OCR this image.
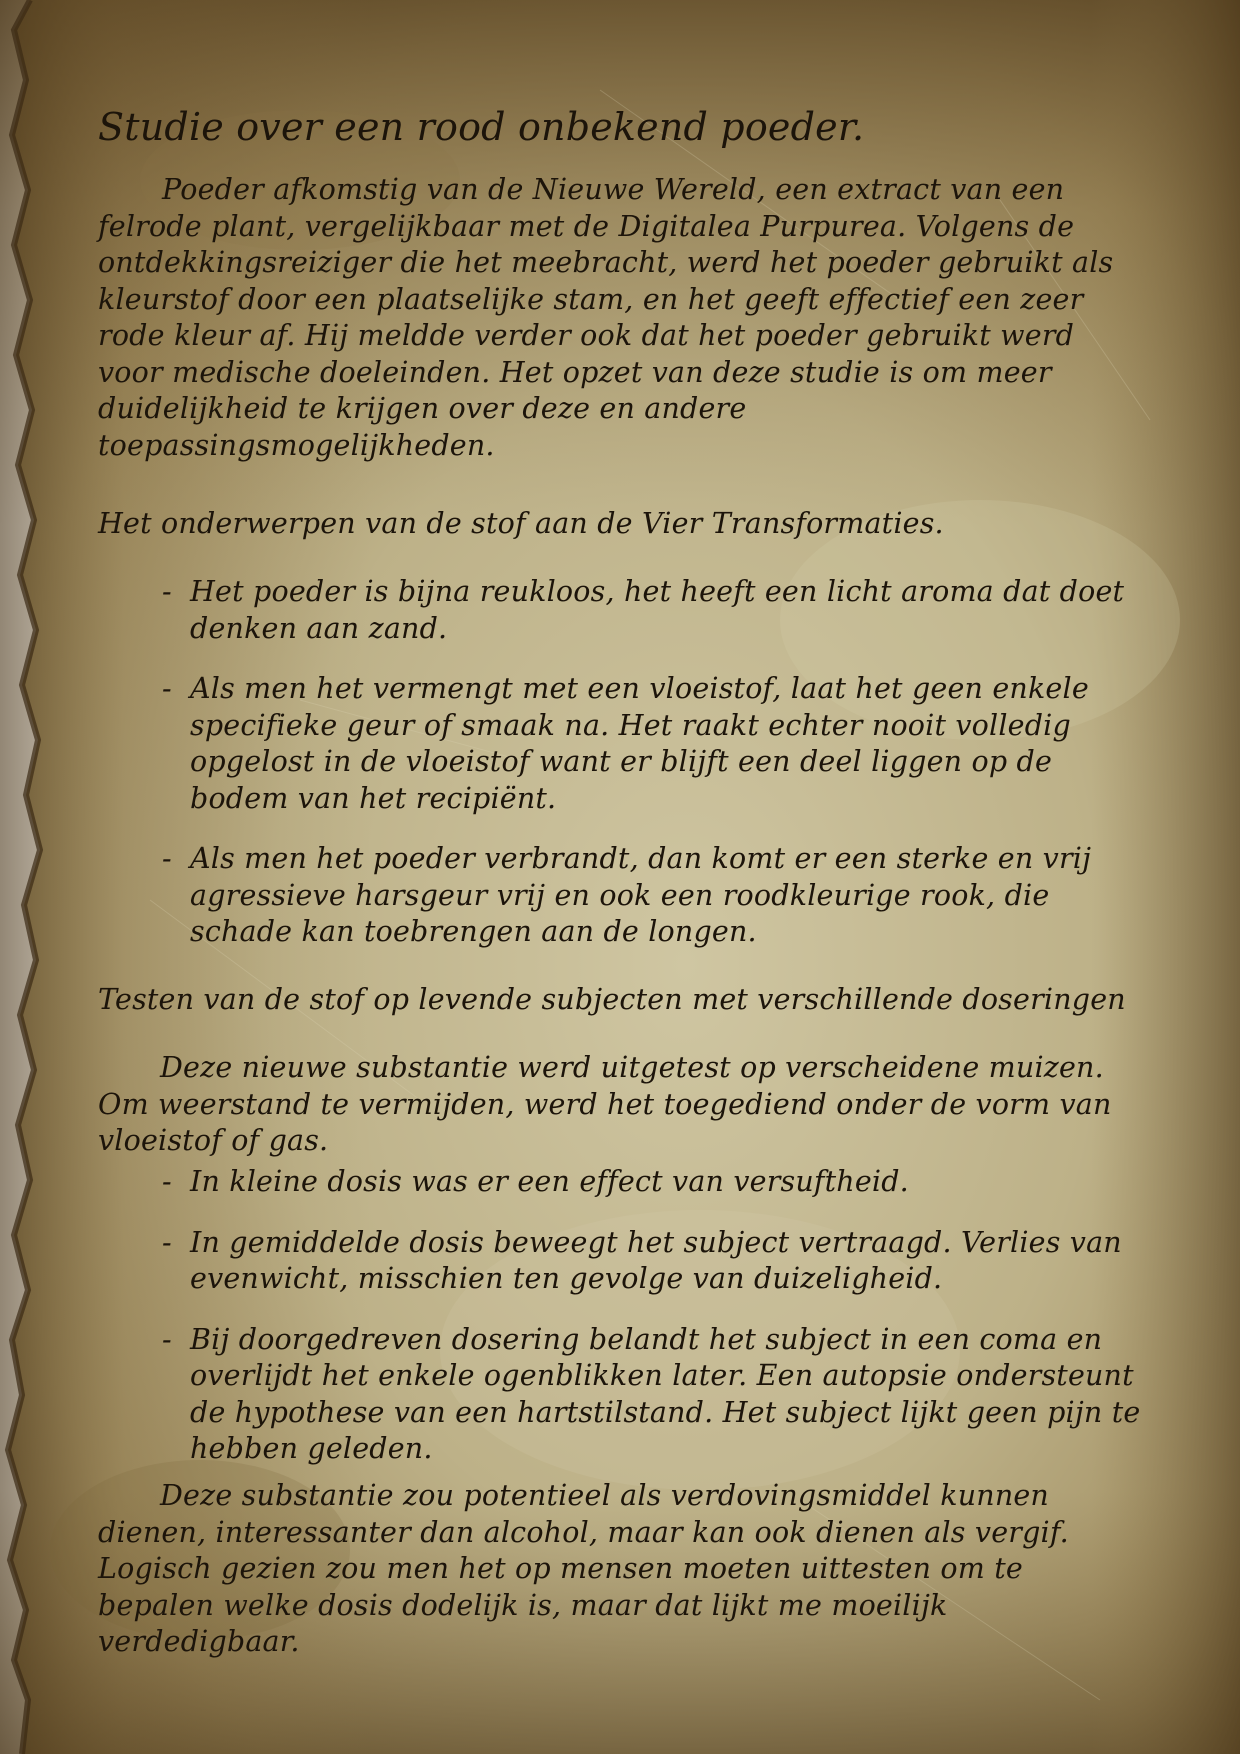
Studie over een rood onbekend poeder.

Poeder afkomstig van de Nieuwe Wereld, een extract van een felrode plant, vergelijkbaar met de Digitalea Purpurea. Volgens de ontdekkingsreiziger die het meebracht, werd het poeder gebruikt als kleurstof door een plaatselijke stam, en het geeft effectief een zeer rode kleur af. Hij meldde verder ook dat het poeder gebruikt werd voor medische doeleinden. Het opzet van deze studie is om meer duidelijkheid te krijgen over deze en andere toepassingsmogelijkheden.

Het onderwerpen van de stof aan de Vier Transformaties.

- Het poeder is bijna reukloos, het heeft een licht aroma dat doet denken aan zand.
- Als men het vermengt met een vloeistof, laat het geen enkele specifieke geur of smaak na. Het raakt echter nooit volledig opgelost in de vloeistof want er blijft een deel liggen op de bodem van het recipiënt.
- Als men het poeder verbrandt, dan komt er een sterke en vrij agressieve harsgeur vrij en ook een roodkleurige rook, die schade kan toebrengen aan de longen.

Testen van de stof op levende subjecten met verschillende doseringen

Deze nieuwe substantie werd uitgetest op verscheidene muizen. Om weerstand te vermijden, werd het toegediend onder de vorm van vloeistof of gas.

- In kleine dosis was er een effect van versuftheid.
- In gemiddelde dosis beweegt het subject vertraagd. Verlies van evenwicht, misschien ten gevolge van duizeligheid.
- Bij doorgedreven dosering belandt het subject in een coma en overlijdt het enkele ogenblikken later. Een autopsie ondersteunt de hypothese van een hartstilstand. Het subject lijkt geen pijn te hebben geleden.

Deze substantie zou potentieel als verdovingsmiddel kunnen dienen, interessanter dan alcohol, maar kan ook dienen als vergif. Logisch gezien zou men het op mensen moeten uittesten om te bepalen welke dosis dodelijk is, maar dat lijkt me moeilijk verdedigbaar.
